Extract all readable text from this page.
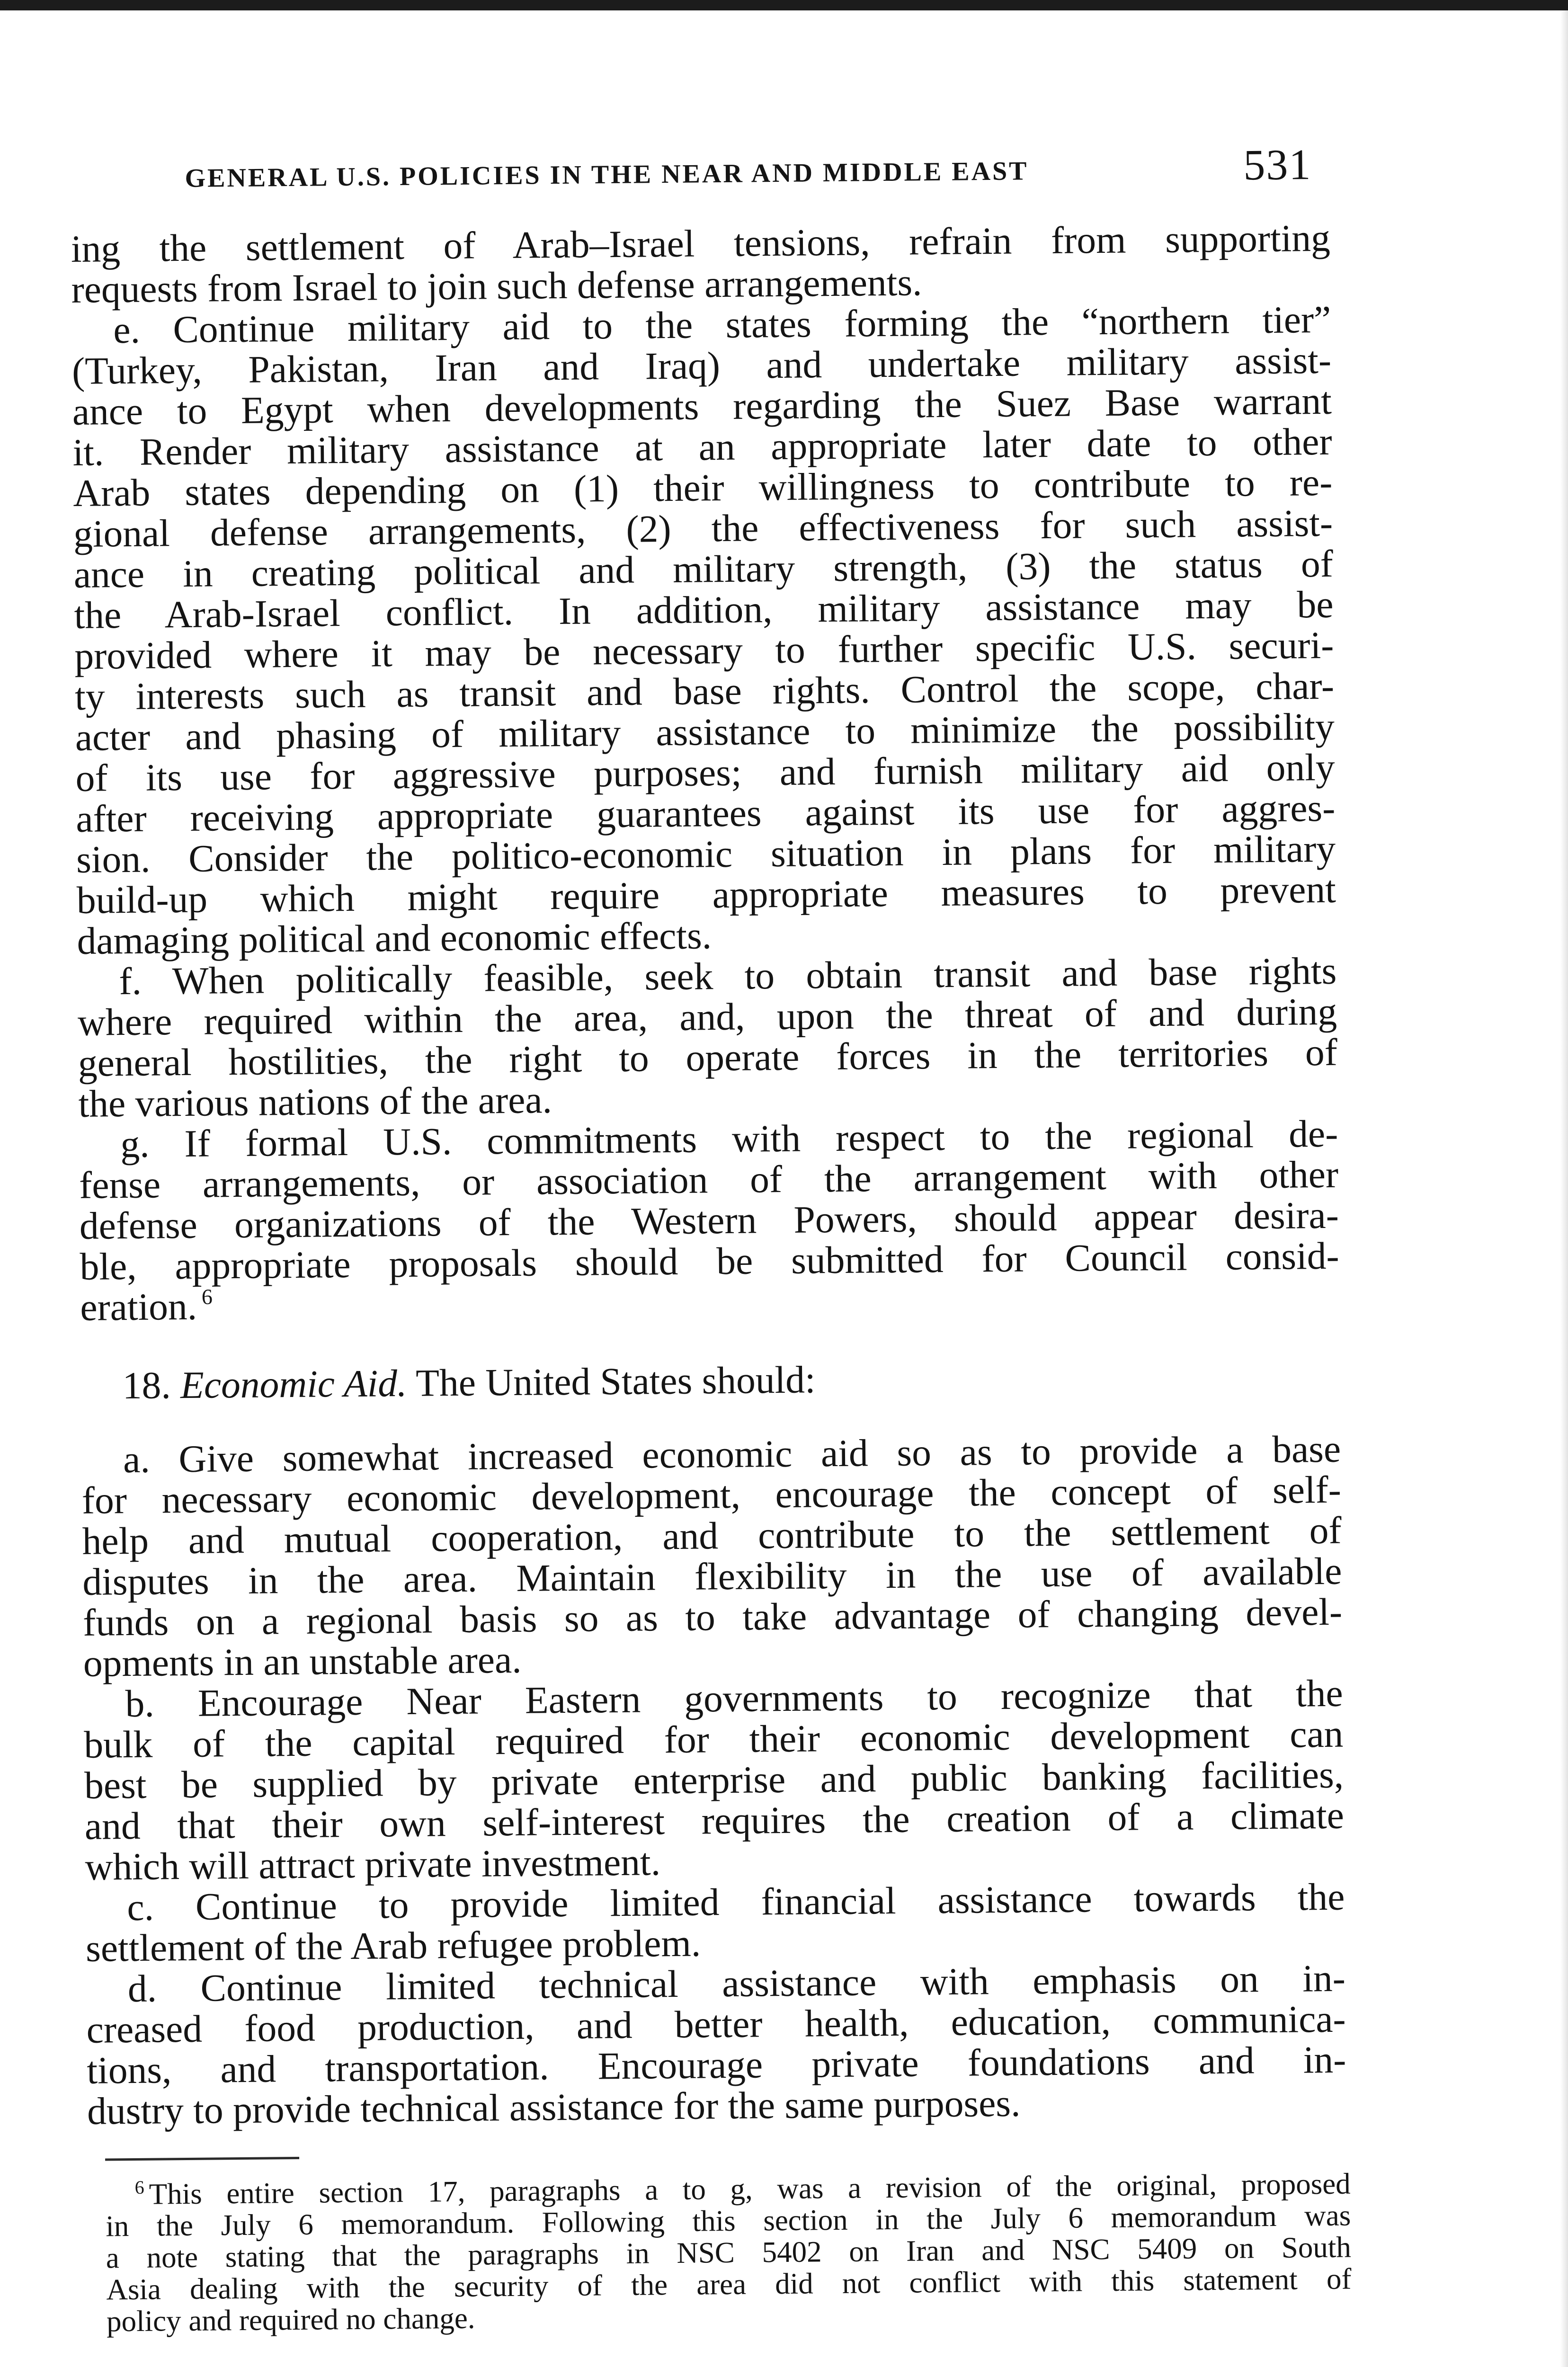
GENERAL U.S. POLICIES IN THE NEAR AND MIDDLE EAST	531
ing the settlement of Arab–Israel tensions, refrain from supporting
requests from Israel to join such defense arrangements.
e. Continue military aid to the states forming the “northern tier”
(Turkey, Pakistan, Iran and Iraq) and undertake military assist-
ance to Egypt when developments regarding the Suez Base warrant
it. Render military assistance at an appropriate later date to other
Arab states depending on (1) their willingness to contribute to re-
gional defense arrangements, (2) the effectiveness for such assist-
ance in creating political and military strength, (3) the status of
the Arab-Israel conflict. In addition, military assistance may be
provided where it may be necessary to further specific U.S. securi-
ty interests such as transit and base rights. Control the scope, char-
acter and phasing of military assistance to minimize the possibility
of its use for aggressive purposes; and furnish military aid only
after receiving appropriate guarantees against its use for aggres-
sion. Consider the politico-economic situation in plans for military
build-up which might require appropriate measures to prevent
damaging political and economic effects.
f. When politically feasible, seek to obtain transit and base rights
where required within the area, and, upon the threat of and during
general hostilities, the right to operate forces in the territories of
the various nations of the area.
g. If formal U.S. commitments with respect to the regional de-
fense arrangements, or association of the arrangement with other
defense organizations of the Western Powers, should appear desira-
ble, appropriate proposals should be submitted for Council consid-
eration. $^6$
18. Economic Aid. The United States should:
a. Give somewhat increased economic aid so as to provide a base
for necessary economic development, encourage the concept of self-
help and mutual cooperation, and contribute to the settlement of
disputes in the area. Maintain flexibility in the use of available
funds on a regional basis so as to take advantage of changing devel-
opments in an unstable area.
b. Encourage Near Eastern governments to recognize that the
bulk of the capital required for their economic development can
best be supplied by private enterprise and public banking facilities,
and that their own self-interest requires the creation of a climate
which will attract private investment.
c. Continue to provide limited financial assistance towards the
settlement of the Arab refugee problem.
d. Continue limited technical assistance with emphasis on in-
creased food production, and better health, education, communica-
tions, and transportation. Encourage private foundations and in-
dustry to provide technical assistance for the same purposes.
$^6$ This entire section 17, paragraphs a to g, was a revision of the original, proposed
in the July 6 memorandum. Following this section in the July 6 memorandum was
a note stating that the paragraphs in NSC 5402 on Iran and NSC 5409 on South
Asia dealing with the security of the area did not conflict with this statement of
policy and required no change.
